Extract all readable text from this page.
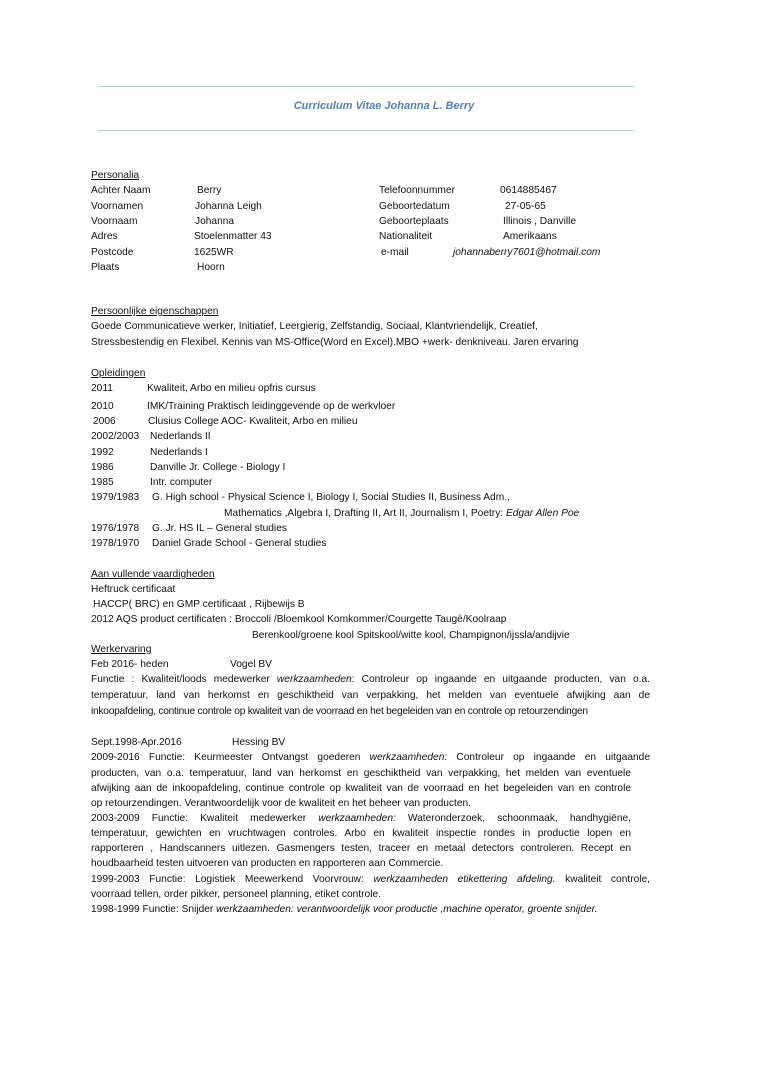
Curriculum Vitae Johanna L. Berry
Personalia
Achter Naam	Berry
Voornamen	Johanna Leigh
Voornaam	Johanna
Adres	Stoelenmatter 43
Postcode	1625WR
Plaats	Hoorn
Telefoonnummer	0614885467
Geboortedatum	27-05-65
Geboorteplaats	Illinois , Danville
Nationaliteit	Amerikaans
e-mail	johannaberry7601@hotmail.com
Persoonlijke eigenschappen
Goede Communicatieve werker, Initiatief, Leergierig, Zelfstandig, Sociaal, Klantvriendelijk, Creatief,
Stressbestendig en Flexibel. Kennis van MS-Office(Word en Excel).MBO +werk- denkniveau. Jaren ervaring
Opleidingen
2011	Kwaliteit, Arbo en milieu opfris cursus
2010	IMK/Training Praktisch leidinggevende op de werkvloer
2006	Clusius College AOC- Kwaliteit, Arbo en milieu
2002/2003 Nederlands II
1992	Nederlands I
1986	Danville Jr. College - Biology I
1985	Intr. computer
1979/1983 G. High school - Physical Science I, Biology I, Social Studies II, Business Adm.,
Mathematics ,Algebra I, Drafting II, Art II, Journalism I, Poetry: Edgar Allen Poe
1976/1978 G. Jr. HS IL – General studies
1978/1970 Daniel Grade School - General studies
Aan vullende vaardigheden
Heftruck certificaat
HACCP( BRC) en GMP certificaat , Rijbewijs B
2012 AQS product certificaten : Broccoli /Bloemkool Komkommer/Courgette Taugé/Koolraap
Berenkool/groene kool Spitskool/witte kool, Champignon/ijssla/andijvie
Werkervaring
Feb 2016- heden	Vogel BV
Functie : Kwaliteit/loods medewerker werkzaamheden: Controleur op ingaande en uitgaande producten, van o.a.
temperatuur, land van herkomst en geschiktheid van verpakking, het melden van eventuele afwijking aan de
inkoopafdeling, continue controle op kwaliteit van de voorraad en het begeleiden van en controle op retourzendingen
Sept.1998-Apr.2016	Hessing BV
2009-2016 Functie: Keurmeester Ontvangst goederen werkzaamheden: Controleur op ingaande en uitgaande
producten, van o.a. temperatuur, land van herkomst en geschiktheid van verpakking, het melden van eventuele
afwijking aan de inkoopafdeling, continue controle op kwaliteit van de voorraad en het begeleiden van en controle
op retourzendingen. Verantwoordelijk voor de kwaliteit en het beheer van producten.
2003-2009 Functie: Kwaliteit medewerker werkzaamheden: Wateronderzoek, schoonmaak, handhygiëne,
temperatuur, gewichten en vruchtwagen controles. Arbo en kwaliteit inspectie rondes in productie lopen en
rapporteren , Handscanners uitlezen. Gasmengers testen, traceer en metaal detectors controleren. Recept en
houdbaarheid testen uitvoeren van producten en rapporteren aan Commercie.
1999-2003 Functie: Logistiek Meewerkend Voorvrouw: werkzaamheden etikettering afdeling. kwaliteit controle,
voorraad tellen, order pikker, personeel planning, etiket controle.
1998-1999 Functie: Snijder werkzaamheden: verantwoordelijk voor productie ,machine operator, groente snijder.
